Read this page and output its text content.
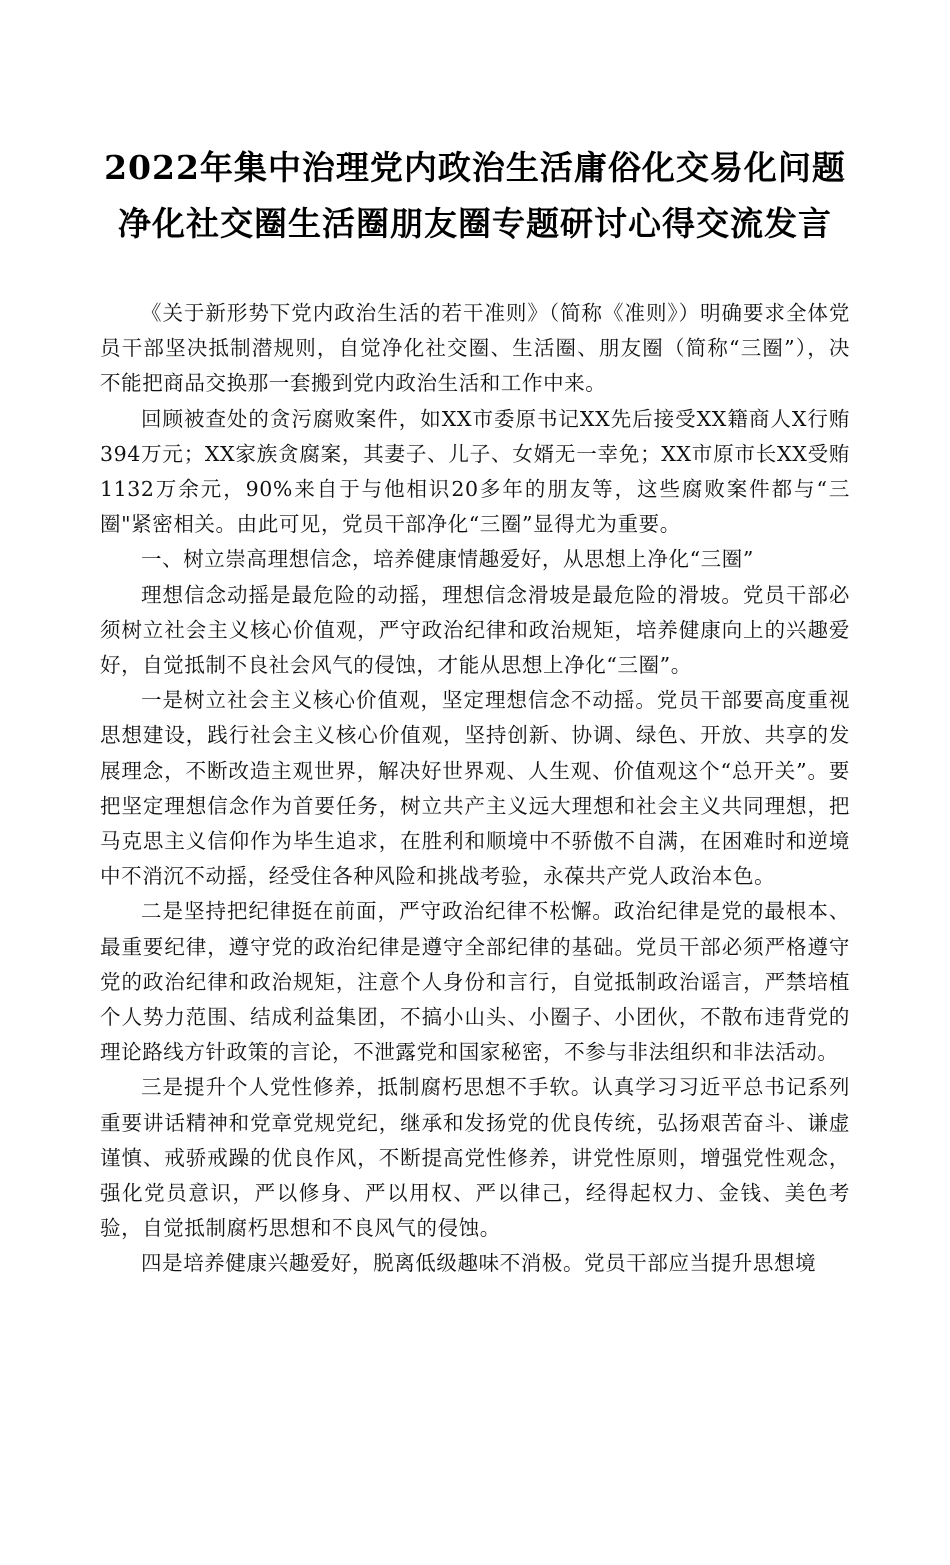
2022年集中治理党内政治生活庸俗化交易化问题
净化社交圈生活圈朋友圈专题研讨心得交流发言

《关于新形势下党内政治生活的若干准则》（简称《准则》）明确要求全体党员干部坚决抵制潜规则，自觉净化社交圈、生活圈、朋友圈（简称“三圈”），决不能把商品交换那一套搬到党内政治生活和工作中来。

回顾被查处的贪污腐败案件，如XX市委原书记XX先后接受XX籍商人X行贿394万元；XX家族贪腐案，其妻子、儿子、女婿无一幸免；XX市原市长XX受贿1132万余元，90%来自于与他相识20多年的朋友等，这些腐败案件都与“三圈"紧密相关。由此可见，党员干部净化“三圈”显得尤为重要。

一、树立崇高理想信念，培养健康情趣爱好，从思想上净化“三圈”

理想信念动摇是最危险的动摇，理想信念滑坡是最危险的滑坡。党员干部必须树立社会主义核心价值观，严守政治纪律和政治规矩，培养健康向上的兴趣爱好，自觉抵制不良社会风气的侵蚀，才能从思想上净化“三圈”。

一是树立社会主义核心价值观，坚定理想信念不动摇。党员干部要高度重视思想建设，践行社会主义核心价值观，坚持创新、协调、绿色、开放、共享的发展理念，不断改造主观世界，解决好世界观、人生观、价值观这个“总开关”。要把坚定理想信念作为首要任务，树立共产主义远大理想和社会主义共同理想，把马克思主义信仰作为毕生追求，在胜利和顺境中不骄傲不自满，在困难时和逆境中不消沉不动摇，经受住各种风险和挑战考验，永葆共产党人政治本色。

二是坚持把纪律挺在前面，严守政治纪律不松懈。政治纪律是党的最根本、最重要纪律，遵守党的政治纪律是遵守全部纪律的基础。党员干部必须严格遵守党的政治纪律和政治规矩，注意个人身份和言行，自觉抵制政治谣言，严禁培植个人势力范围、结成利益集团，不搞小山头、小圈子、小团伙，不散布违背党的理论路线方针政策的言论，不泄露党和国家秘密，不参与非法组织和非法活动。

三是提升个人党性修养，抵制腐朽思想不手软。认真学习习近平总书记系列重要讲话精神和党章党规党纪，继承和发扬党的优良传统，弘扬艰苦奋斗、谦虚谨慎、戒骄戒躁的优良作风，不断提高党性修养，讲党性原则，增强党性观念，强化党员意识，严以修身、严以用权、严以律己，经得起权力、金钱、美色考验，自觉抵制腐朽思想和不良风气的侵蚀。

四是培养健康兴趣爱好，脱离低级趣味不消极。党员干部应当提升思想境
